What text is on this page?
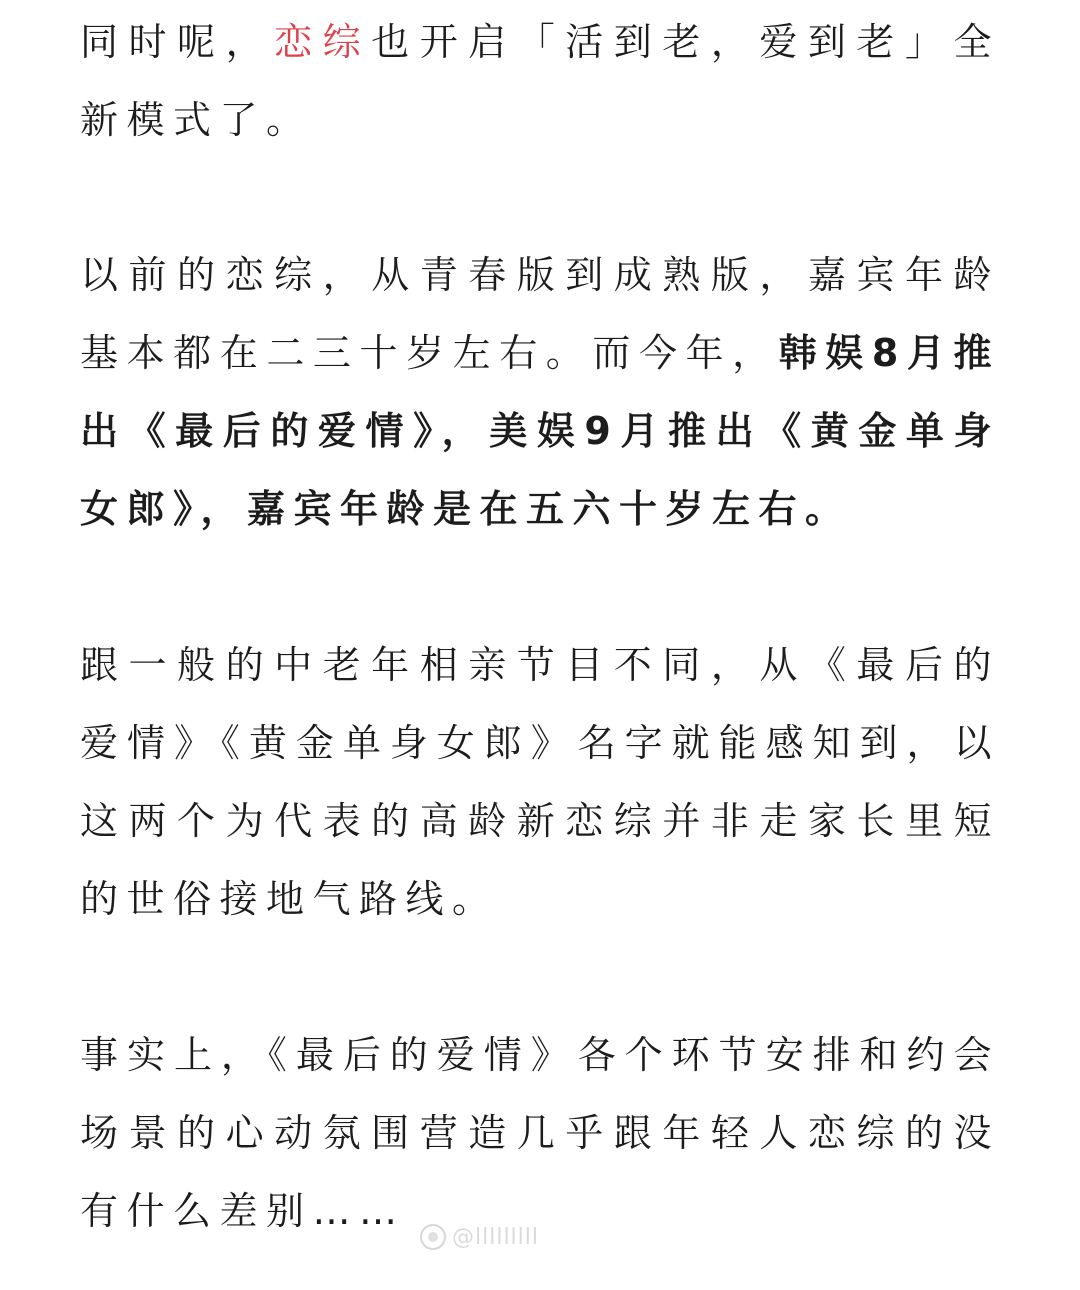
同时呢，恋综也开启「活到老，爱到老」全新模式了。

以前的恋综，从青春版到成熟版，嘉宾年龄基本都在二三十岁左右。而今年，韩娱8月推出《最后的爱情》，美娱9月推出《黄金单身女郎》，嘉宾年龄是在五六十岁左右。

跟一般的中老年相亲节目不同，从《最后的爱情》《黄金单身女郎》名字就能感知到，以这两个为代表的高龄新恋综并非走家长里短的世俗接地气路线。

事实上，《最后的爱情》各个环节安排和约会场景的心动氛围营造几乎跟年轻人恋综的没有什么差别……

@lllllllll
